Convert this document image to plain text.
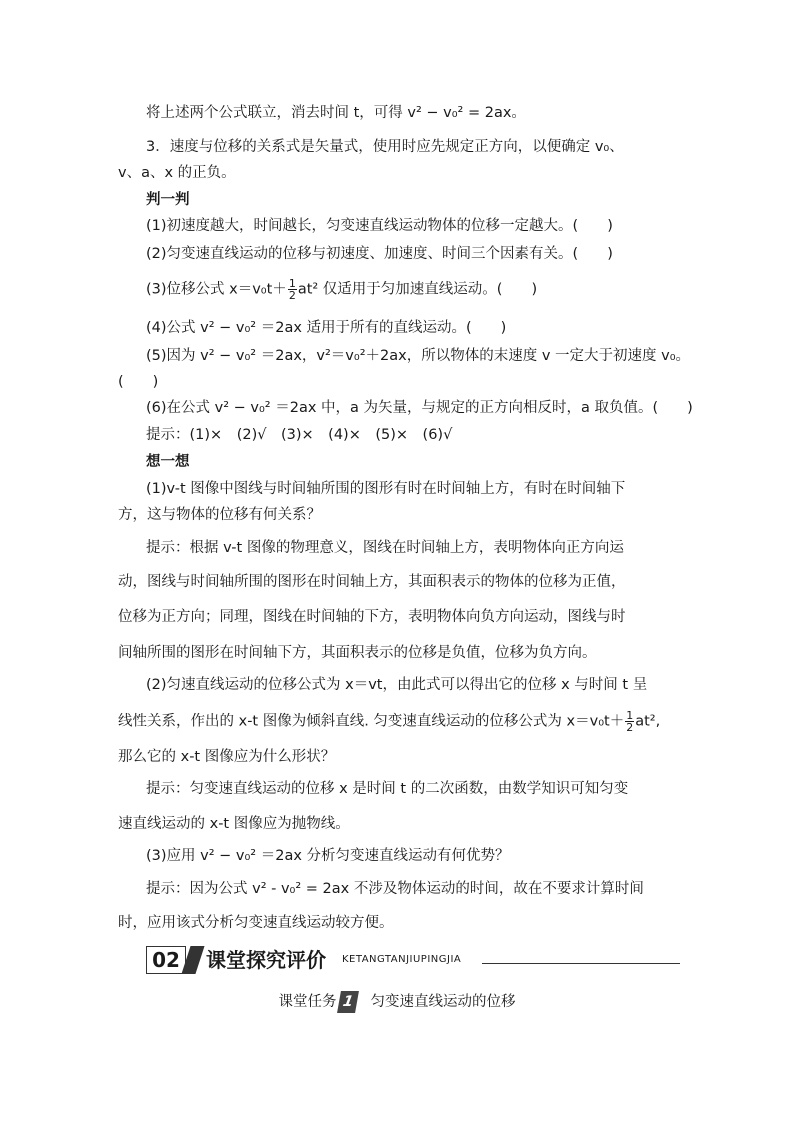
将上述两个公式联立，消去时间 t，可得 v² − v₀² = 2ax。
3．速度与位移的关系式是矢量式，使用时应先规定正方向，以便确定 v₀、
v、a、x 的正负。
判一判
(1)初速度越大，时间越长，匀变速直线运动物体的位移一定越大。(　　)
(2)匀变速直线运动的位移与初速度、加速度、时间三个因素有关。(　　)
(3)位移公式 $x=v_0t+ \frac{1}{2} at^2$ 仅适用于匀加速直线运动。(　　)
(4)公式 v² − v₀² ＝2ax 适用于所有的直线运动。(　　)
(5)因为 v² − v₀² ＝2ax，v²＝v₀²＋2ax，所以物体的末速度 v 一定大于初速度 v₀。
(　　)
(6)在公式 v² − v₀² ＝2ax 中，a 为矢量，与规定的正方向相反时，a 取负值。(　　)
提示：(1)×　(2)√　(3)×　(4)×　(5)×　(6)√
想一想
(1)v-t 图像中图线与时间轴所围的图形有时在时间轴上方，有时在时间轴下
方，这与物体的位移有何关系？
提示：根据 v-t 图像的物理意义，图线在时间轴上方，表明物体向正方向运
动，图线与时间轴所围的图形在时间轴上方，其面积表示的物体的位移为正值，
位移为正方向；同理，图线在时间轴的下方，表明物体向负方向运动，图线与时
间轴所围的图形在时间轴下方，其面积表示的位移是负值，位移为负方向。
(2)匀速直线运动的位移公式为 x＝vt，由此式可以得出它的位移 x 与时间 t 呈
线性关系，作出的 x-t 图像为倾斜直线. 匀变速直线运动的位移公式为 $x=v_0t+ \frac{1}{2} at^2$,
那么它的 x-t 图像应为什么形状？
提示：匀变速直线运动的位移 x 是时间 t 的二次函数，由数学知识可知匀变
速直线运动的 x-t 图像应为抛物线。
(3)应用 v² − v₀² ＝2ax 分析匀变速直线运动有何优势？
提示：因为公式 v² - v₀² = 2ax 不涉及物体运动的时间，故在不要求计算时间
时，应用该式分析匀变速直线运动较方便。
02	课堂探究评价 KETANGTANJIUPINGJIA
课堂任务 1 匀变速直线运动的位移
